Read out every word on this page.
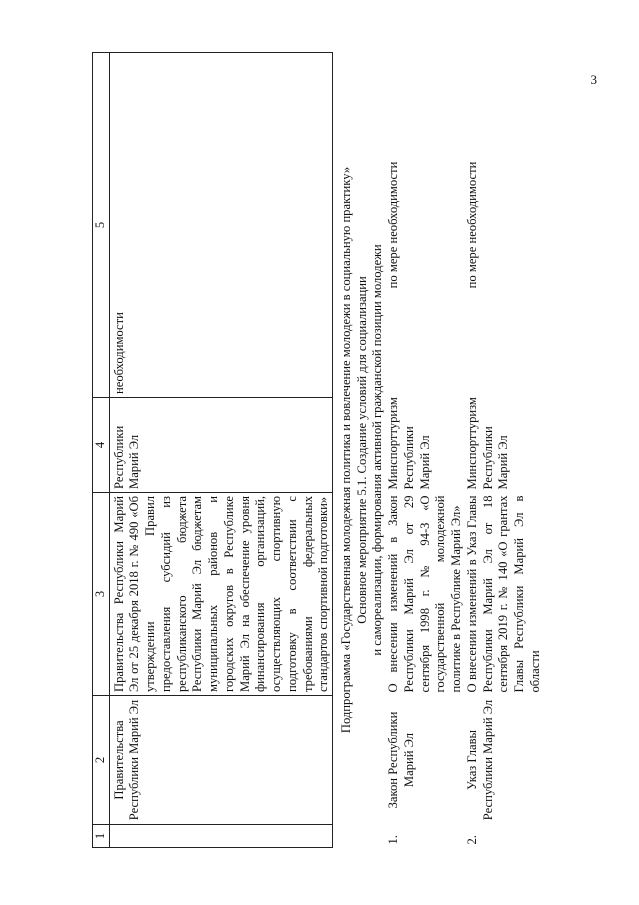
3
1	2	3	4	5
	Правительства Республики Марий Эл	Правительства Республики Марий Эл от 25 декабря 2018 г. № 490 «Об утверждении Правил предоставления субсидий из республиканского бюджета Республики Марий Эл бюджетам муниципальных районов и городских округов в Республике Марий Эл на обеспечение уровня финансирования организаций, осуществляющих спортивную подготовку в соответствии с требованиями федеральных стандартов спортивной подготовки»	Республики Марий Эл	необходимости
Подпрограмма «Государственная молодежная политика и вовлечение молодежи в социальную практику»				

Основное мероприятие 5.1. Создание условий для социализации и самореализации, формирования активной гражданской позиции молодежи				

1.	Закон Республики Марий Эл	О внесении изменений в Закон Республики Марий Эл от 29 сентября 1998 г. № 94-З «О государственной молодежной политике в Республике Марий Эл»	Минспорттуризм Республики Марий Эл	по мере необходимости
2.	Указ Главы Республики Марий Эл	О внесении изменений в Указ Главы Республики Марий Эл от 18 сентября 2019 г. № 140 «О грантах Главы Республики Марий Эл в области	Минспорттуризм Республики Марий Эл	по мере необходимости
